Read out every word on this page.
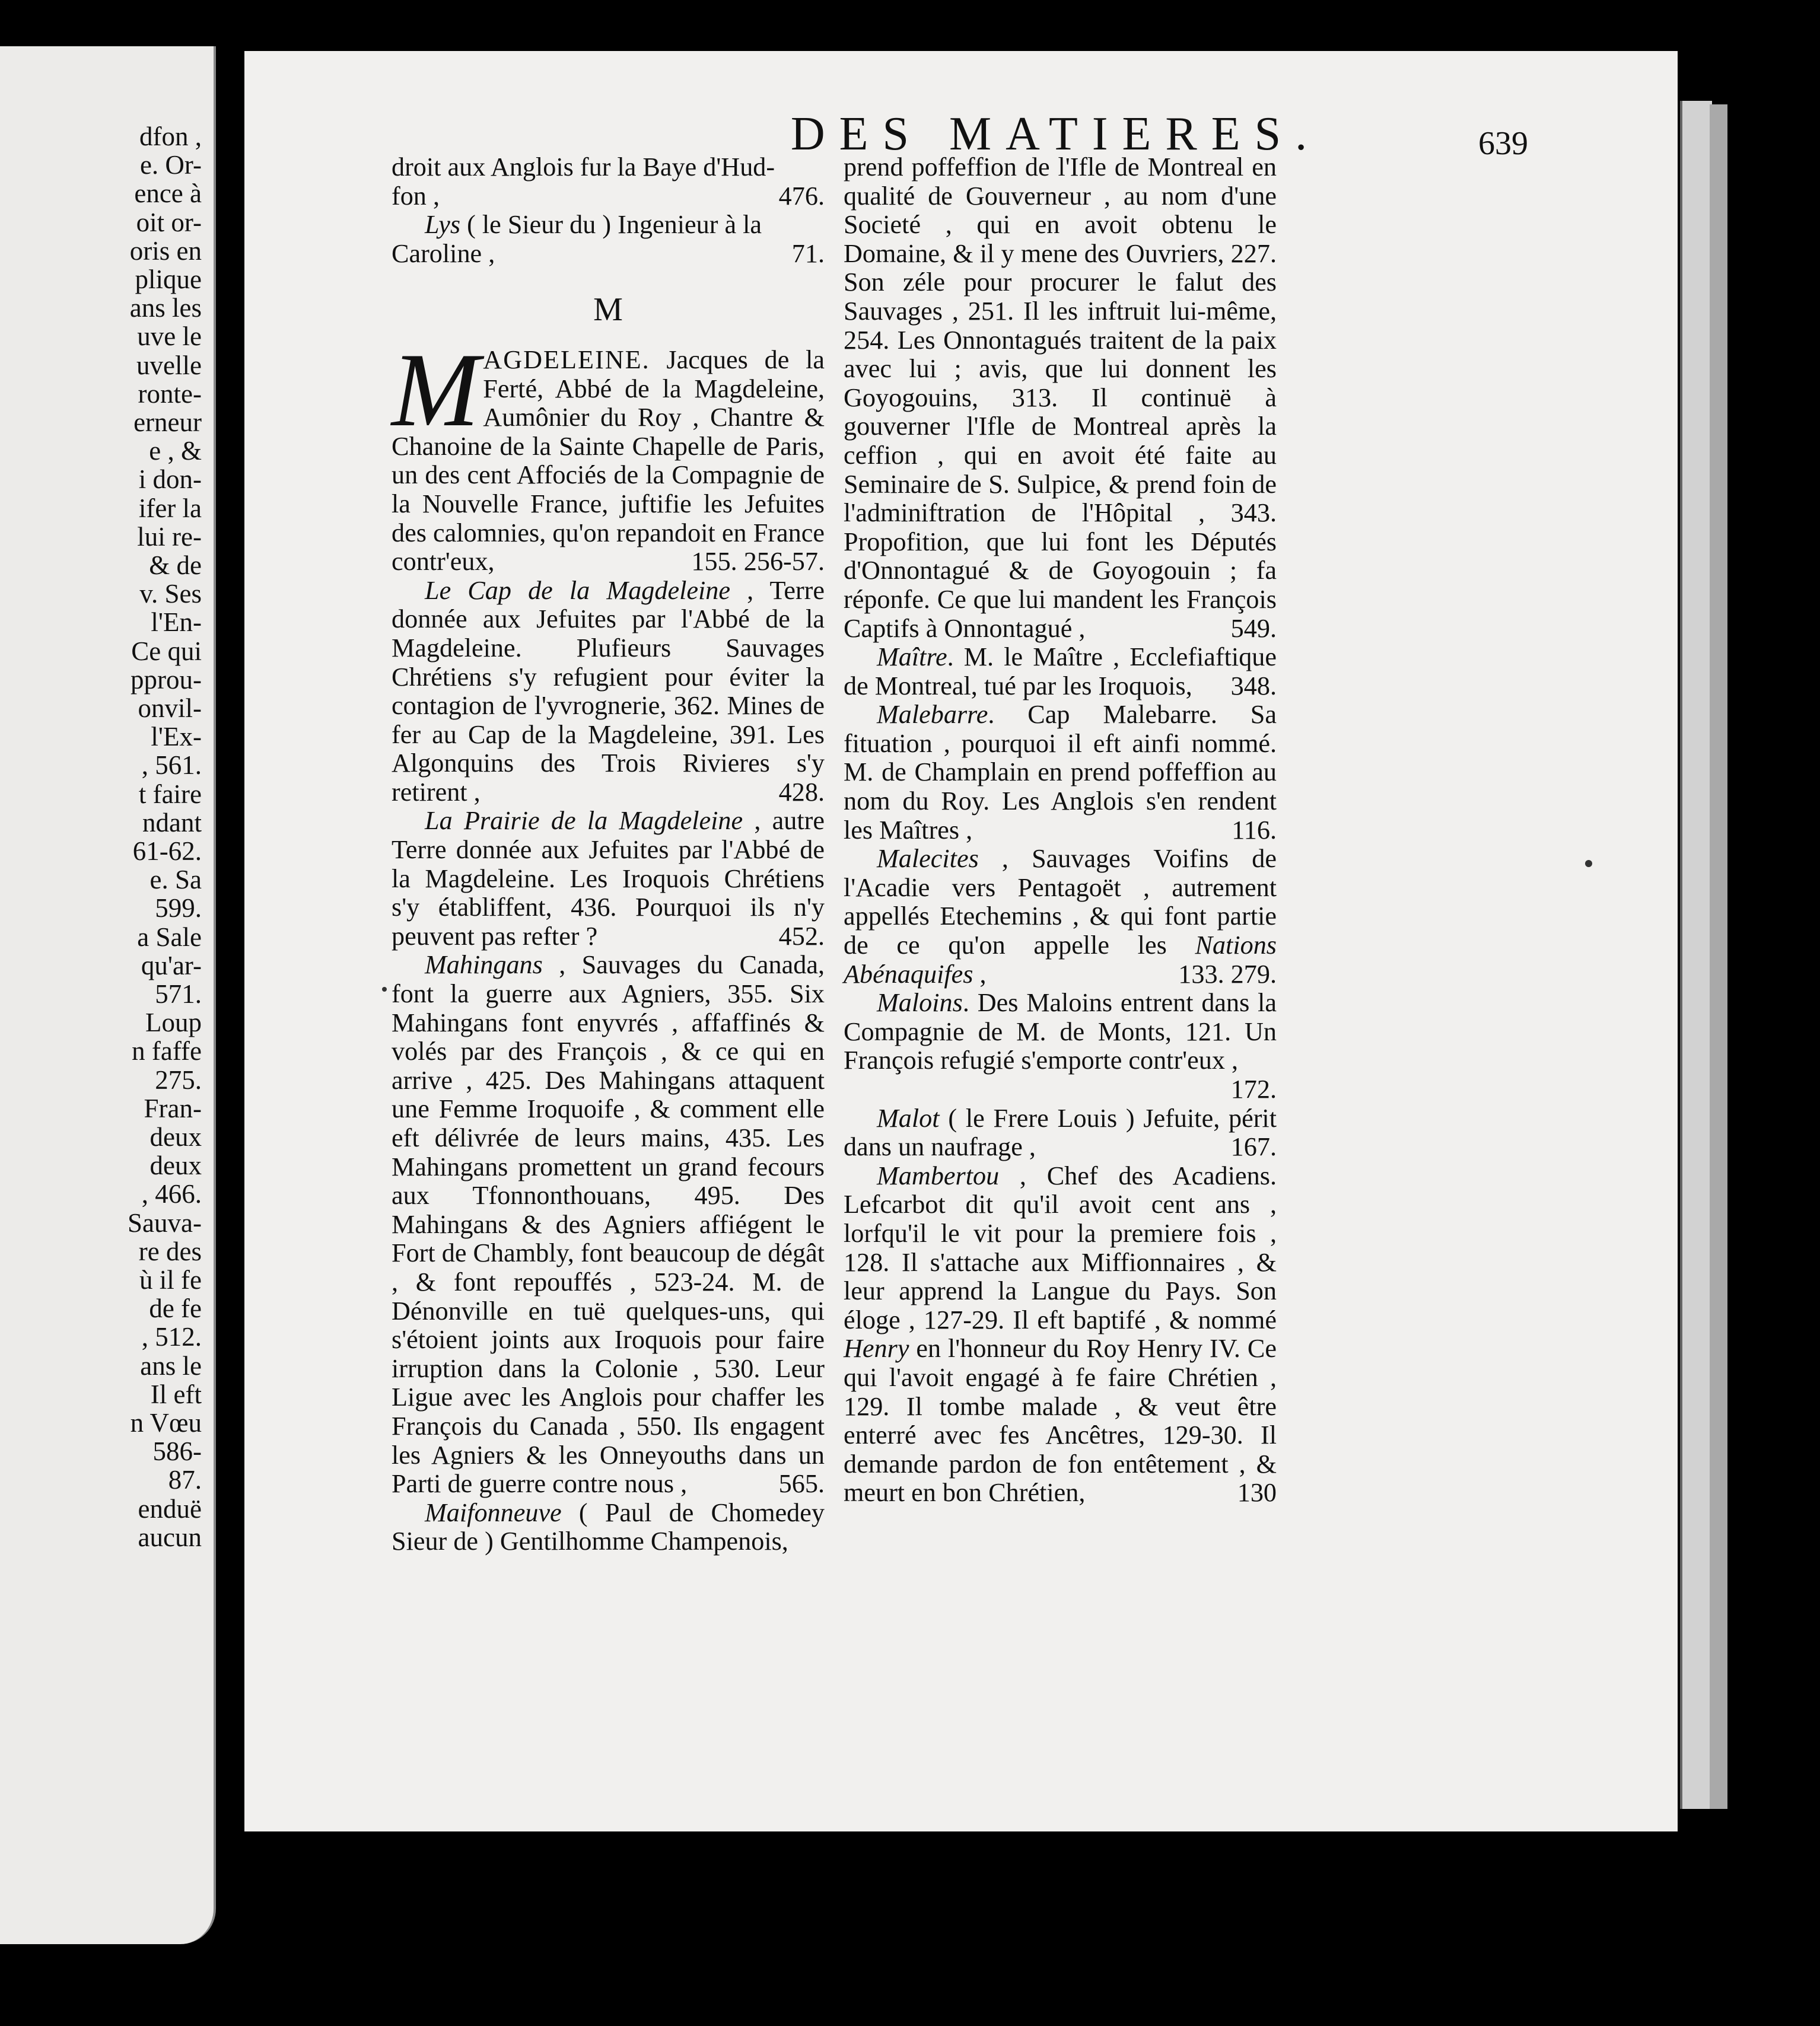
dfon ,
e. Or-
ence à
oit or-
oris en
plique
ans les
uve le
uvelle
ronte-
erneur
e , &
i don-
ifer la
lui re-
& de
v. Ses
l'En-
Ce qui
pprou-
onvil-
l'Ex-
, 561.
t faire
ndant
61-62.
e. Sa
599.
a Sale
qu'ar-
571.
Loup
n faffe
275.
Fran-
deux
deux
, 466.
Sauva-
re des
ù il fe
de fe
, 512.
ans le
Il eft
n Vœu
586-
87.
enduë
aucun
DES MATIERES.	639

droit aux Anglois fur la Baye d'Hud-
fon ,	476.

Lys ( le Sieur du ) Ingenieur à la
Caroline ,	71.

M

MAGDELEINE. Jacques de la Ferté, Abbé de la Magdeleine, Aumônier du Roy , Chantre & Chanoine de la Sainte Chapelle de Paris, un des cent Affociés de la Compagnie de la Nouvelle France, juftifie les Jefuites des calomnies, qu'on repandoit en France contr'eux,	155. 256-57.

Le Cap de la Magdeleine , Terre donnée aux Jefuites par l'Abbé de la Magdeleine. Plufieurs Sauvages Chrétiens s'y refugient pour éviter la contagion de l'yvrognerie, 362. Mines de fer au Cap de la Magdeleine, 391. Les Algonquins des Trois Rivieres s'y retirent ,	428.

La Prairie de la Magdeleine , autre Terre donnée aux Jefuites par l'Abbé de la Magdeleine. Les Iroquois Chrétiens s'y établiffent, 436. Pourquoi ils n'y peuvent pas refter ?	452.

Mahingans , Sauvages du Canada, font la guerre aux Agniers, 355. Six Mahingans font enyvrés , affaffinés & volés par des François , & ce qui en arrive , 425. Des Mahingans attaquent une Femme Iroquoife , & comment elle eft délivrée de leurs mains, 435. Les Mahingans promettent un grand fecours aux Tfonnonthouans, 495. Des Mahingans & des Agniers affiégent le Fort de Chambly, font beaucoup de dégât , & font repouffés , 523-24. M. de Dénonville en tuë quelques-uns, qui s'étoient joints aux Iroquois pour faire irruption dans la Colonie , 530. Leur Ligue avec les Anglois pour chaffer les François du Canada , 550. Ils engagent les Agniers & les Onneyouths dans un Parti de guerre contre nous ,	565.

Maifonneuve ( Paul de Chomedey Sieur de ) Gentilhomme Champenois,

prend poffeffion de l'Ifle de Montreal en qualité de Gouverneur , au nom d'une Societé , qui en avoit obtenu le Domaine, & il y mene des Ouvriers, 227. Son zéle pour procurer le falut des Sauvages , 251. Il les inftruit lui-même, 254. Les Onnontagués traitent de la paix avec lui ; avis, que lui donnent les Goyogouins, 313. Il continuë à gouverner l'Ifle de Montreal après la ceffion , qui en avoit été faite au Seminaire de S. Sulpice, & prend foin de l'adminiftration de l'Hôpital , 343. Propofition, que lui font les Députés d'Onnontagué & de Goyogouin ; fa réponfe. Ce que lui mandent les François Captifs à Onnontagué ,	549.

Maître. M. le Maître , Ecclefiaftique de Montreal, tué par les Iroquois,	348.

Malebarre. Cap Malebarre. Sa fituation , pourquoi il eft ainfi nommé. M. de Champlain en prend poffeffion au nom du Roy. Les Anglois s'en rendent les Maîtres ,	116.

Malecites , Sauvages Voifins de l'Acadie vers Pentagoët , autrement appellés Etechemins , & qui font partie de ce qu'on appelle les Nations Abénaquifes ,	133. 279.

Maloins. Des Maloins entrent dans la Compagnie de M. de Monts, 121. Un François refugié s'emporte contr'eux ,
172.

Malot ( le Frere Louis ) Jefuite, périt dans un naufrage ,	167.

Mambertou , Chef des Acadiens. Lefcarbot dit qu'il avoit cent ans , lorfqu'il le vit pour la premiere fois , 128. Il s'attache aux Miffionnaires , & leur apprend la Langue du Pays. Son éloge , 127-29. Il eft baptifé , & nommé Henry en l'honneur du Roy Henry IV. Ce qui l'avoit engagé à fe faire Chrétien , 129. Il tombe malade , & veut être enterré avec fes Ancêtres, 129-30. Il demande pardon de fon entêtement , & meurt en bon Chrétien,	130
